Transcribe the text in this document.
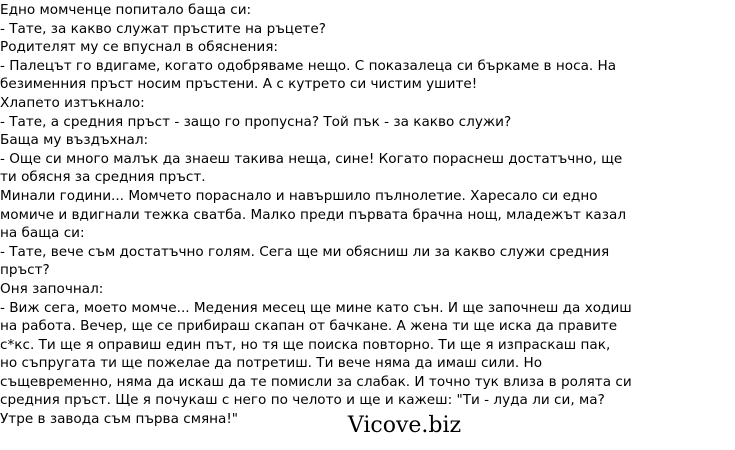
Едно момченце попитало баща си:
- Тате, за какво служат пръстите на ръцете?
Родителят му се впуснал в обяснения:
- Палецът го вдигаме, когато одобряваме нещо. С показалеца си бъркаме в носа. На
безименния пръст носим пръстени. А с кутрето си чистим ушите!
Хлапето изтъкнало:
- Тате, а средния пръст - защо го пропусна? Той пък - за какво служи?
Баща му въздъхнал:
- Още си много малък да знаеш такива неща, сине! Когато пораснеш достатъчно, ще
ти обясня за средния пръст.
Минали години... Момчето пораснало и навършило пълнолетие. Харесало си едно
момиче и вдигнали тежка сватба. Малко преди първата брачна нощ, младежът казал
на баща си:
- Тате, вече съм достатъчно голям. Сега ще ми обясниш ли за какво служи средния
пръст?
Оня започнал:
- Виж сега, моето момче... Медения месец ще мине като сън. И ще започнеш да ходиш
на работа. Вечер, ще се прибираш скапан от бачкане. А жена ти ще иска да правите
с*кс. Ти ще я оправиш един път, но тя ще поиска повторно. Ти ще я изпраскаш пак,
но съпругата ти ще пожелае да потретиш. Ти вече няма да имаш сили. Но
същевременно, няма да искаш да те помисли за слабак. И точно тук влиза в ролята си
средния пръст. Ще я почукаш с него по челото и ще и кажеш: "Ти - луда ли си, ма?
Утре в завода съм първа смяна!"	Vicove.biz
